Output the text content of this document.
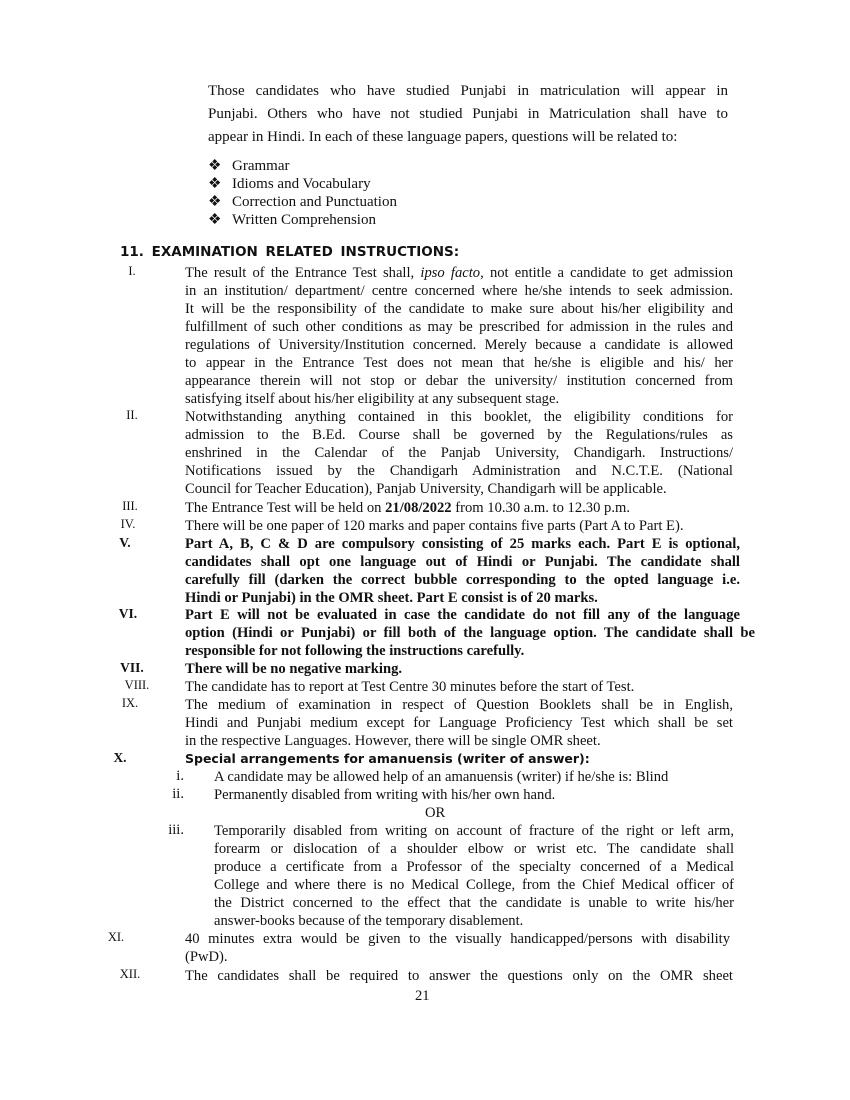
Those candidates who have studied Punjabi in matriculation will appear in
Punjabi. Others who have not studied Punjabi in Matriculation shall have to
appear in Hindi. In each of these language papers, questions will be related to:
❖ Grammar
❖ Idioms and Vocabulary
❖ Correction and Punctuation
❖ Written Comprehension
11. EXAMINATION RELATED INSTRUCTIONS:
I.	The result of the Entrance Test shall, ipso facto, not entitle a candidate to get admission
in an institution/ department/ centre concerned where he/she intends to seek admission.
It will be the responsibility of the candidate to make sure about his/her eligibility and
fulfillment of such other conditions as may be prescribed for admission in the rules and
regulations of University/Institution concerned. Merely because a candidate is allowed
to appear in the Entrance Test does not mean that he/she is eligible and his/ her
appearance therein will not stop or debar the university/ institution concerned from
satisfying itself about his/her eligibility at any subsequent stage.
II.	Notwithstanding anything contained in this booklet, the eligibility conditions for
admission to the B.Ed. Course shall be governed by the Regulations/rules as
enshrined in the Calendar of the Panjab University, Chandigarh. Instructions/
Notifications issued by the Chandigarh Administration and N.C.T.E. (National
Council for Teacher Education), Panjab University, Chandigarh will be applicable.
III.	The Entrance Test will be held on 21/08/2022 from 10.30 a.m. to 12.30 p.m.
IV.	There will be one paper of 120 marks and paper contains five parts (Part A to Part E).
V.	Part A, B, C & D are compulsory consisting of 25 marks each. Part E is optional,
candidates shall opt one language out of Hindi or Punjabi. The candidate shall
carefully fill (darken the correct bubble corresponding to the opted language i.e.
Hindi or Punjabi) in the OMR sheet. Part E consist is of 20 marks.
VI.	Part E will not be evaluated in case the candidate do not fill any of the language
option (Hindi or Punjabi) or fill both of the language option. The candidate shall be
responsible for not following the instructions carefully.
VII.	There will be no negative marking.
VIII.	The candidate has to report at Test Centre 30 minutes before the start of Test.
IX.	The medium of examination in respect of Question Booklets shall be in English,
Hindi and Punjabi medium except for Language Proficiency Test which shall be set
in the respective Languages. However, there will be single OMR sheet.
X.	Special arrangements for amanuensis (writer of answer):
i. A candidate may be allowed help of an amanuensis (writer) if he/she is: Blind
ii. Permanently disabled from writing with his/her own hand.
OR
iii. Temporarily disabled from writing on account of fracture of the right or left arm,
forearm or dislocation of a shoulder elbow or wrist etc. The candidate shall
produce a certificate from a Professor of the specialty concerned of a Medical
College and where there is no Medical College, from the Chief Medical officer of
the District concerned to the effect that the candidate is unable to write his/her
answer-books because of the temporary disablement.
XI.	40 minutes extra would be given to the visually handicapped/persons with disability
(PwD).
XII.	The candidates shall be required to answer the questions only on the OMR sheet
21
